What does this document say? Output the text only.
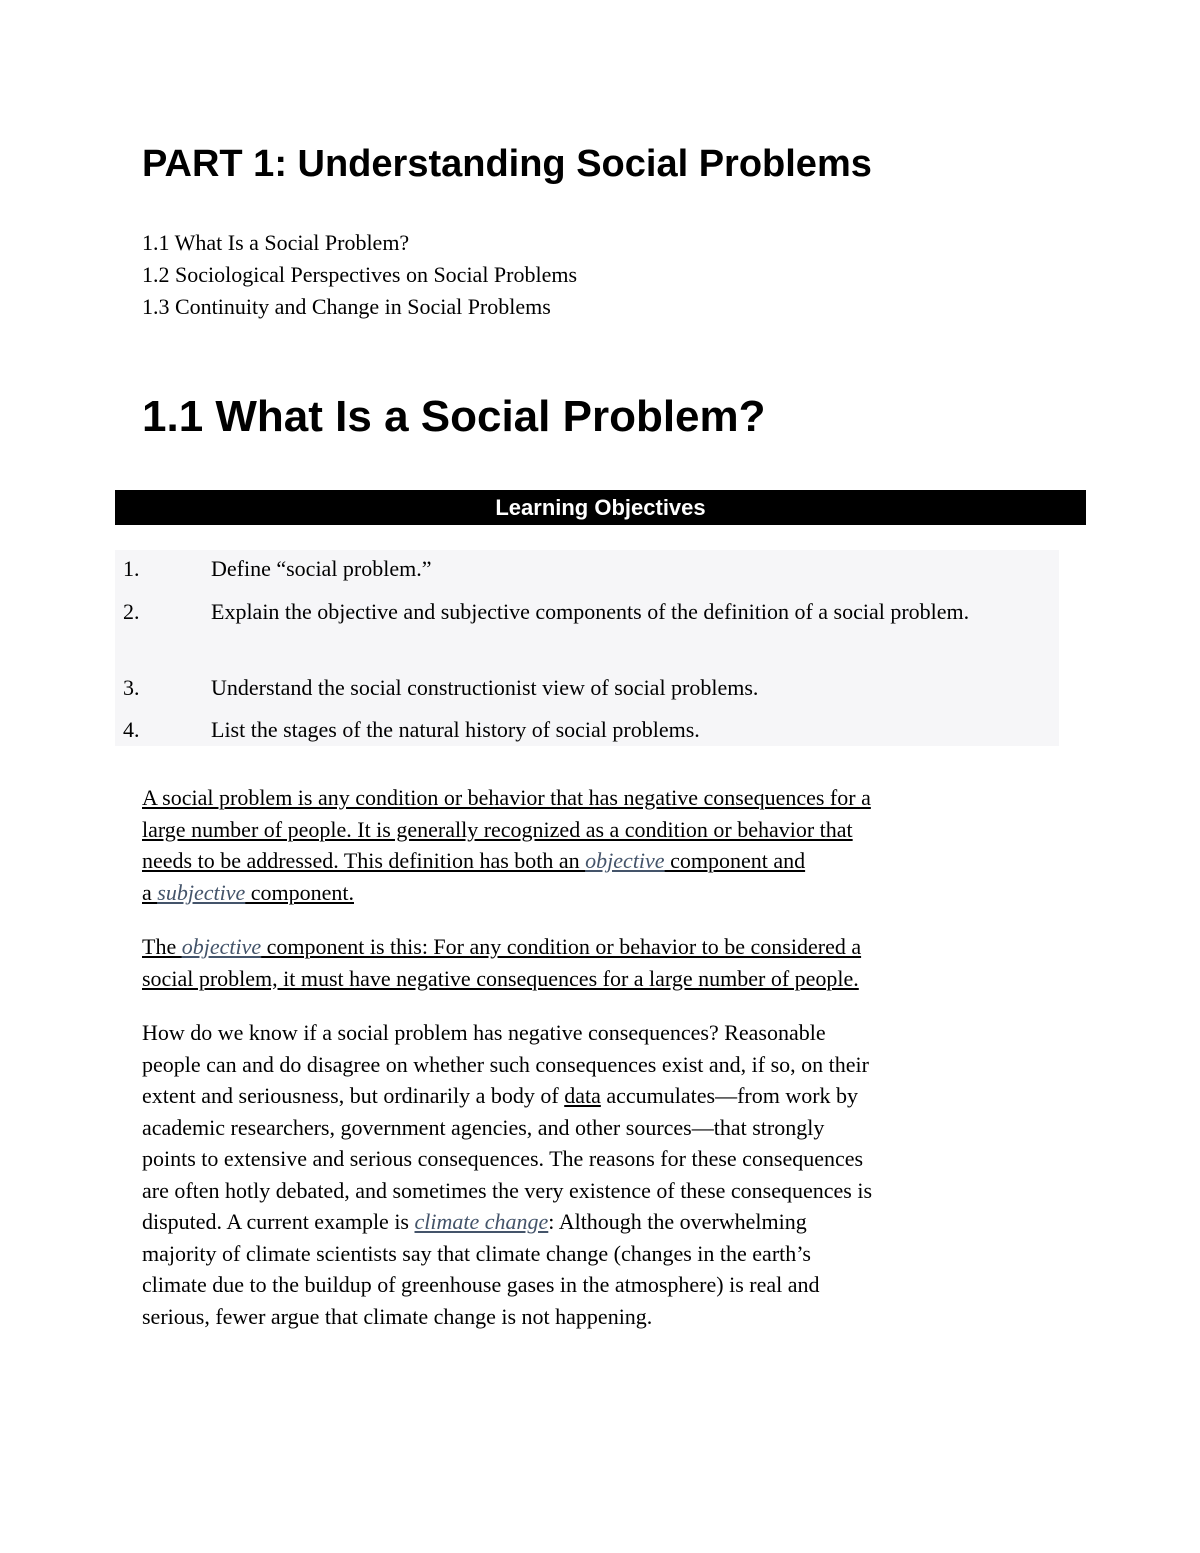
PART 1: Understanding Social Problems
1.1 What Is a Social Problem?
1.2 Sociological Perspectives on Social Problems
1.3 Continuity and Change in Social Problems
1.1 What Is a Social Problem?
Learning Objectives
1.	Define “social problem.”
2.	Explain the objective and subjective components of the definition of a social problem.
3.	Understand the social constructionist view of social problems.
4.	List the stages of the natural history of social problems.

A social problem is any condition or behavior that has negative consequences for a
large number of people. It is generally recognized as a condition or behavior that
needs to be addressed. This definition has both an objective component and
a subjective component.

The objective component is this: For any condition or behavior to be considered a
social problem, it must have negative consequences for a large number of people.

How do we know if a social problem has negative consequences? Reasonable
people can and do disagree on whether such consequences exist and, if so, on their
extent and seriousness, but ordinarily a body of data accumulates—from work by
academic researchers, government agencies, and other sources—that strongly
points to extensive and serious consequences. The reasons for these consequences
are often hotly debated, and sometimes the very existence of these consequences is
disputed. A current example is climate change: Although the overwhelming
majority of climate scientists say that climate change (changes in the earth’s
climate due to the buildup of greenhouse gases in the atmosphere) is real and
serious, fewer argue that climate change is not happening.
